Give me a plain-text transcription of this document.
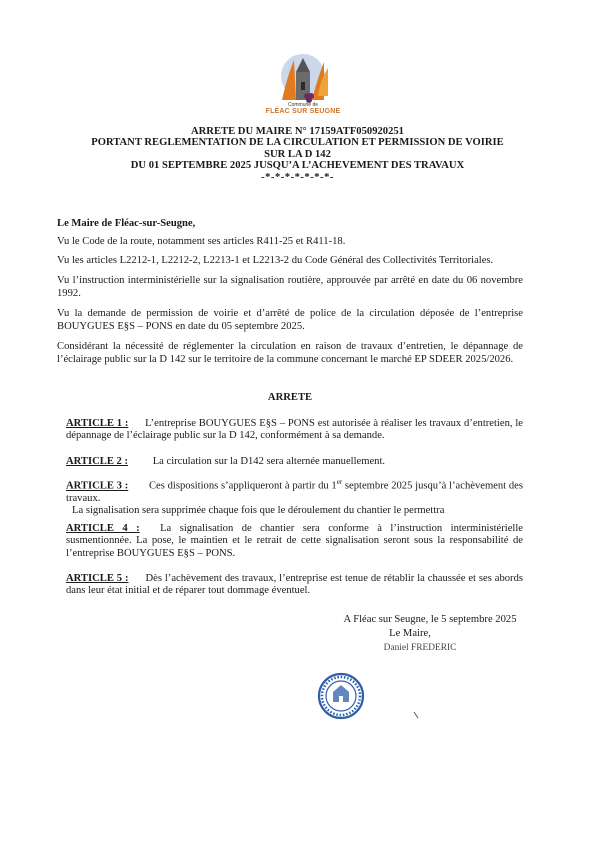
Commune de
FLÉAC SUR SEUGNE
ARRETE DU MAIRE N° 17159ATF050920251
PORTANT REGLEMENTATION DE LA CIRCULATION ET PERMISSION DE VOIRIE
SUR LA D 142
DU 01 SEPTEMBRE 2025 JUSQU’A L’ACHEVEMENT DES TRAVAUX
-*-*-*-*-*-*-*-
Le Maire de Fléac-sur-Seugne,
Vu le Code de la route, notamment ses articles R411-25 et R411-18.
Vu les articles L2212-1, L2212-2, L2213-1 et L2213-2 du Code Général des Collectivités Territoriales.
Vu l’instruction interministérielle sur la signalisation routière, approuvée par arrêté en date du 06 novembre 1992.
Vu la demande de permission de voirie et d’arrêté de police de la circulation déposée de l’entreprise BOUYGUES E§S – PONS en date du 05 septembre 2025.
Considérant la nécessité de réglementer la circulation en raison de travaux d’entretien, le dépannage de l’éclairage public sur la D 142 sur le territoire de la commune concernant le marché EP SDEER 2025/2026.
ARRETE
ARTICLE 1 : L’entreprise BOUYGUES E§S – PONS est autorisée à réaliser les travaux d’entretien, le dépannage de l’éclairage public sur la D 142, conformément à sa demande.
ARTICLE 2 : La circulation sur la D142 sera alternée manuellement.
ARTICLE 3 : Ces dispositions s’appliqueront à partir du 1er septembre 2025 jusqu’à l’achèvement des travaux.
La signalisation sera supprimée chaque fois que le déroulement du chantier le permettra
ARTICLE 4 : La signalisation de chantier sera conforme à l’instruction interministérielle susmentionnée. La pose, le maintien et le retrait de cette signalisation seront sous la responsabilité de l’entreprise BOUYGUES E§S – PONS.
ARTICLE 5 : Dès l’achèvement des travaux, l’entreprise est tenue de rétablir la chaussée et ses abords dans leur état initial et de réparer tout dommage éventuel.
A Fléac sur Seugne, le 5 septembre 2025
Le Maire,
Daniel FREDERIC
